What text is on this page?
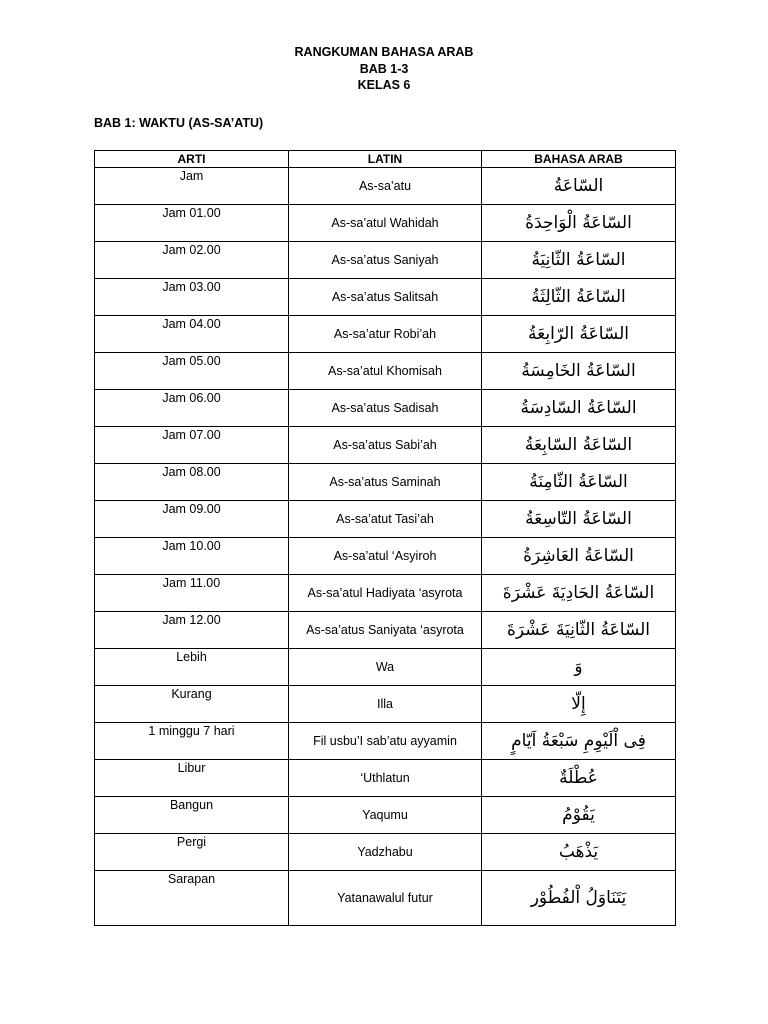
RANGKUMAN BAHASA ARAB
BAB 1-3
KELAS 6
BAB 1: WAKTU (AS-SA’ATU)
ARTI	LATIN	BAHASA ARAB
Jam	As-sa’atu	السّاعَةُ
Jam 01.00	As-sa’atul Wahidah	السّاعَةُ الْوَاحِدَةُ
Jam 02.00	As-sa’atus Saniyah	السّاعَةُ الثّانِيَةُ
Jam 03.00	As-sa’atus Salitsah	السّاعَةُ الثّالِثَةُ
Jam 04.00	As-sa’atur Robi’ah	السّاعَةُ الرّابِعَةُ
Jam 05.00	As-sa’atul Khomisah	السّاعَةُ الخَامِسَةُ
Jam 06.00	As-sa’atus Sadisah	السّاعَةُ السّادِسَةُ
Jam 07.00	As-sa’atus Sabi’ah	السّاعَةُ السّابِعَةُ
Jam 08.00	As-sa’atus Saminah	السّاعَةُ الثّامِنَةُ
Jam 09.00	As-sa’atut Tasi’ah	السّاعَةُ التّاسِعَةُ
Jam 10.00	As-sa’atul ‘Asyiroh	السّاعَةُ العَاشِرَةُ
Jam 11.00	As-sa’atul Hadiyata ‘asyrota	السّاعَةُ الحَادِيَةَ عَشْرَةَ
Jam 12.00	As-sa’atus Saniyata ‘asyrota	السّاعَةُ الثّانِيَةَ عَشْرَةَ
Lebih	Wa	وَ
Kurang	Illa	إِلّا
1 minggu 7 hari	Fil usbu’I sab’atu ayyamin	فِى اْلَيْوِمِ سَبْعَةُ اَيّامٍ
Libur	‘Uthlatun	عُطْلَةٌ
Bangun	Yaqumu	يَقُوْمُ
Pergi	Yadzhabu	يَذْهَبُ
Sarapan	Yatanawalul futur	يَتَنَاوَلُ اْلفُطُوْر
